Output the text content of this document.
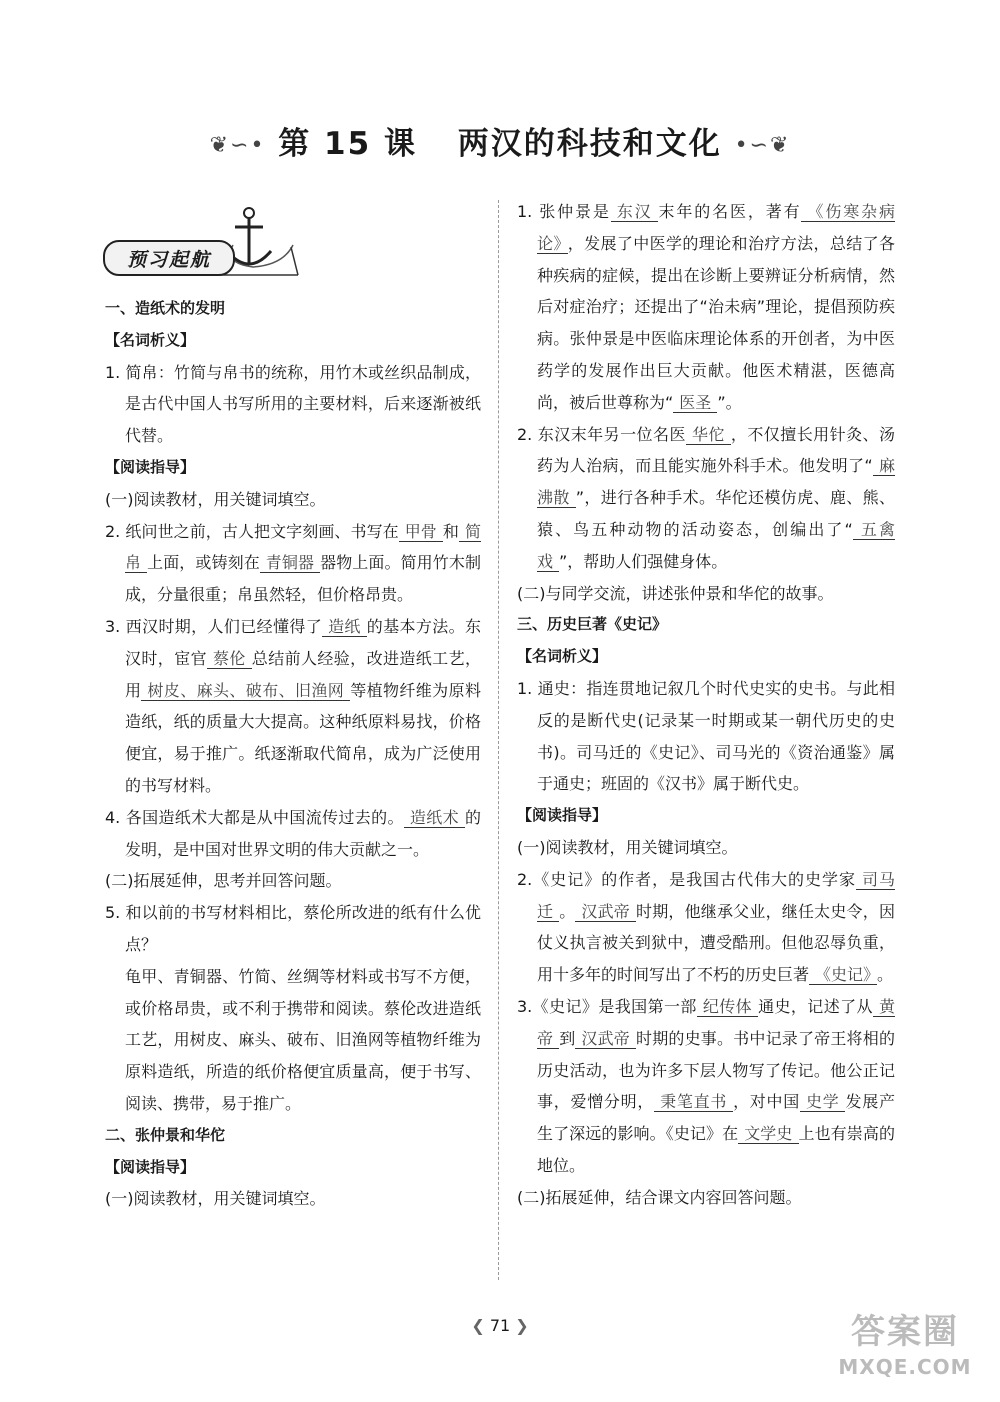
❦∽• 第 15 课 两汉的科技和文化 •∽❦
预习起航

一、造纸术的发明

【名词析义】

1. 简帛：竹简与帛书的统称，用竹木或丝织品制成，是古代中国人书写所用的主要材料，后来逐渐被纸代替。

【阅读指导】

(一)阅读教材，用关键词填空。

2. 纸问世之前，古人把文字刻画、书写在 甲骨 和 简帛 上面，或铸刻在 青铜器 器物上面。简用竹木制成，分量很重；帛虽然轻，但价格昂贵。

3. 西汉时期，人们已经懂得了 造纸 的基本方法。东汉时，宦官 蔡伦 总结前人经验，改进造纸工艺，用 树皮、麻头、破布、旧渔网 等植物纤维为原料造纸，纸的质量大大提高。这种纸原料易找，价格便宜，易于推广。纸逐渐取代简帛，成为广泛使用的书写材料。

4. 各国造纸术大都是从中国流传过去的。 造纸术 的发明，是中国对世界文明的伟大贡献之一。

(二)拓展延伸，思考并回答问题。

5. 和以前的书写材料相比，蔡伦所改进的纸有什么优点？

龟甲、青铜器、竹简、丝绸等材料或书写不方便，或价格昂贵，或不利于携带和阅读。蔡伦改进造纸工艺，用树皮、麻头、破布、旧渔网等植物纤维为原料造纸，所造的纸价格便宜质量高，便于书写、阅读、携带，易于推广。

二、张仲景和华佗

【阅读指导】

(一)阅读教材，用关键词填空。

1. 张仲景是 东汉 末年的名医，著有 《伤寒杂病论》 ，发展了中医学的理论和治疗方法，总结了各种疾病的症候，提出在诊断上要辨证分析病情，然后对症治疗；还提出了“治未病”理论，提倡预防疾病。张仲景是中医临床理论体系的开创者，为中医药学的发展作出巨大贡献。他医术精湛，医德高尚，被后世尊称为“ 医圣 ”。

2. 东汉末年另一位名医 华佗 ，不仅擅长用针灸、汤药为人治病，而且能实施外科手术。他发明了“ 麻沸散 ”，进行各种手术。华佗还模仿虎、鹿、熊、猿、鸟五种动物的活动姿态，创编出了“ 五禽戏 ”，帮助人们强健身体。

(二)与同学交流，讲述张仲景和华佗的故事。

三、历史巨著《史记》

【名词析义】

1. 通史：指连贯地记叙几个时代史实的史书。与此相反的是断代史(记录某一时期或某一朝代历史的史书)。司马迁的《史记》、司马光的《资治通鉴》属于通史；班固的《汉书》属于断代史。

【阅读指导】

(一)阅读教材，用关键词填空。

2.《史记》的作者，是我国古代伟大的史学家 司马迁 。 汉武帝 时期，他继承父业，继任太史令，因仗义执言被关到狱中，遭受酷刑。但他忍辱负重，用十多年的时间写出了不朽的历史巨著 《史记》 。

3.《史记》是我国第一部 纪传体 通史，记述了从 黄帝 到 汉武帝 时期的史事。书中记录了帝王将相的历史活动，也为许多下层人物写了传记。他公正记事，爱憎分明， 秉笔直书 ，对中国 史学 发展产生了深远的影响。《史记》在 文学史 上也有崇高的地位。

(二)拓展延伸，结合课文内容回答问题。

❮ 71 ❯	答案圈
MXQE.COM
